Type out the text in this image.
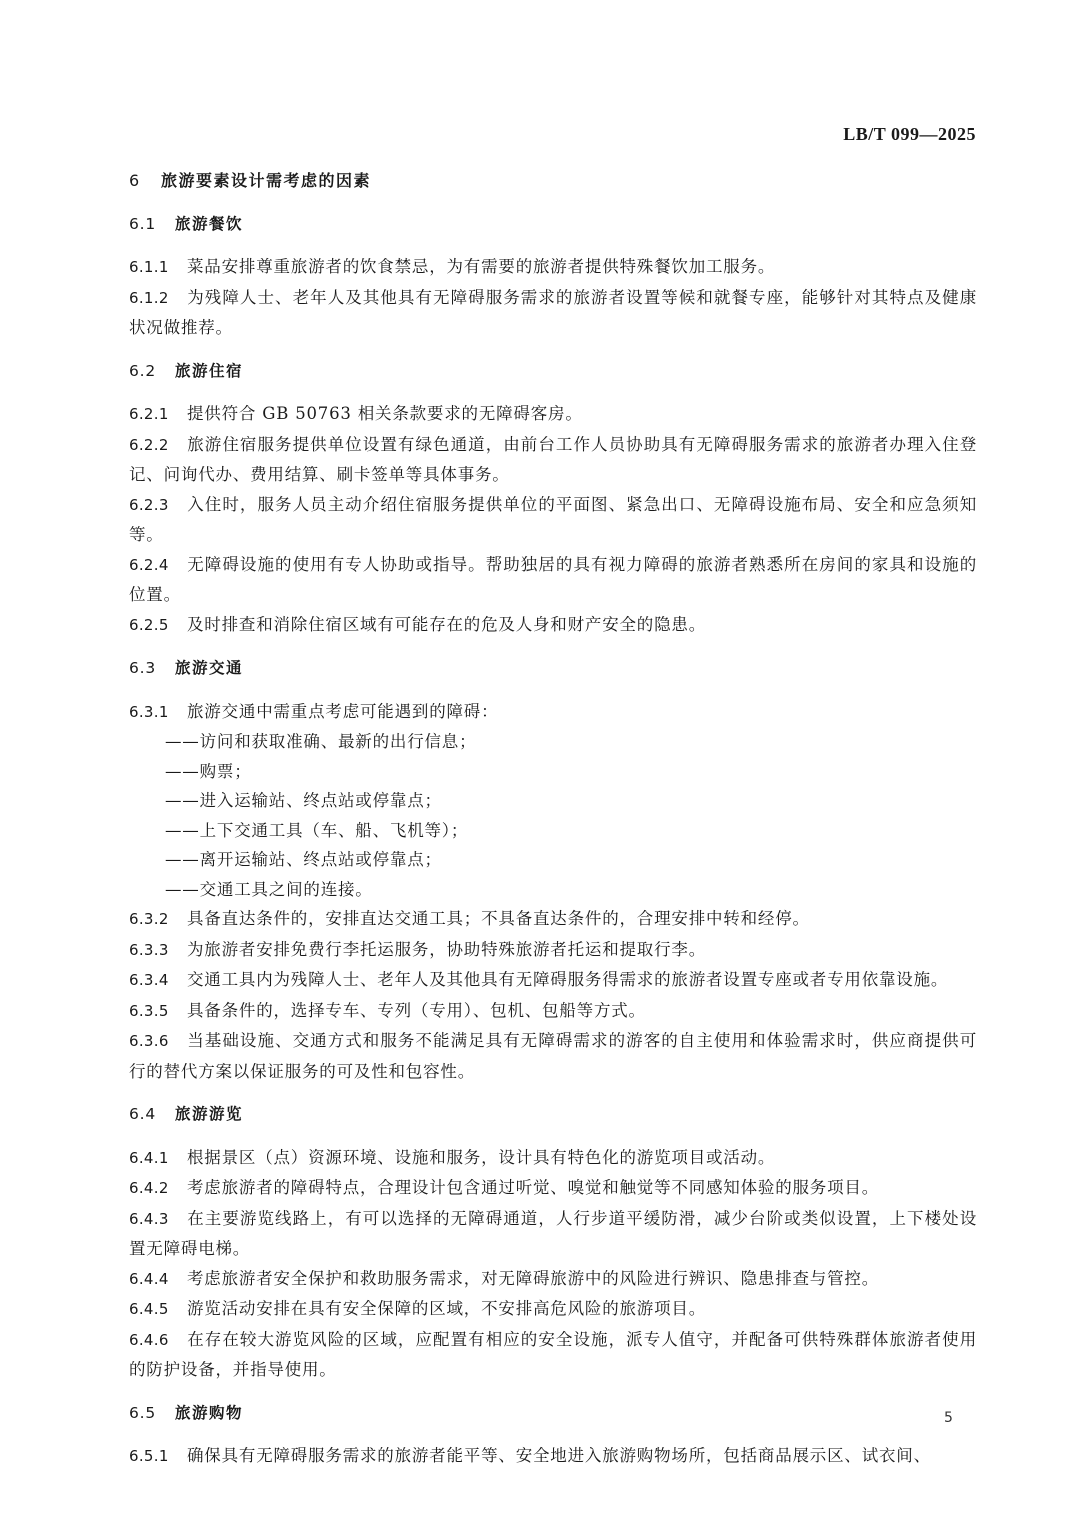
LB/T 099—2025
6 旅游要素设计需考虑的因素
6.1 旅游餐饮
6.1.1 菜品安排尊重旅游者的饮食禁忌，为有需要的旅游者提供特殊餐饮加工服务。
6.1.2 为残障人士、老年人及其他具有无障碍服务需求的旅游者设置等候和就餐专座，能够针对其特点及健康状况做推荐。
6.2 旅游住宿
6.2.1 提供符合 GB 50763 相关条款要求的无障碍客房。
6.2.2 旅游住宿服务提供单位设置有绿色通道，由前台工作人员协助具有无障碍服务需求的旅游者办理入住登记、问询代办、费用结算、刷卡签单等具体事务。
6.2.3 入住时，服务人员主动介绍住宿服务提供单位的平面图、紧急出口、无障碍设施布局、安全和应急须知等。
6.2.4 无障碍设施的使用有专人协助或指导。帮助独居的具有视力障碍的旅游者熟悉所在房间的家具和设施的位置。
6.2.5 及时排查和消除住宿区域有可能存在的危及人身和财产安全的隐患。
6.3 旅游交通
6.3.1 旅游交通中需重点考虑可能遇到的障碍：
——访问和获取准确、最新的出行信息；
——购票；
——进入运输站、终点站或停靠点；
——上下交通工具（车、船、飞机等）；
——离开运输站、终点站或停靠点；
——交通工具之间的连接。
6.3.2 具备直达条件的，安排直达交通工具；不具备直达条件的，合理安排中转和经停。
6.3.3 为旅游者安排免费行李托运服务，协助特殊旅游者托运和提取行李。
6.3.4 交通工具内为残障人士、老年人及其他具有无障碍服务得需求的旅游者设置专座或者专用依靠设施。
6.3.5 具备条件的，选择专车、专列（专用）、包机、包船等方式。
6.3.6 当基础设施、交通方式和服务不能满足具有无障碍需求的游客的自主使用和体验需求时，供应商提供可行的替代方案以保证服务的可及性和包容性。
6.4 旅游游览
6.4.1 根据景区（点）资源环境、设施和服务，设计具有特色化的游览项目或活动。
6.4.2 考虑旅游者的障碍特点，合理设计包含通过听觉、嗅觉和触觉等不同感知体验的服务项目。
6.4.3 在主要游览线路上，有可以选择的无障碍通道，人行步道平缓防滑，减少台阶或类似设置，上下楼处设置无障碍电梯。
6.4.4 考虑旅游者安全保护和救助服务需求，对无障碍旅游中的风险进行辨识、隐患排查与管控。
6.4.5 游览活动安排在具有安全保障的区域，不安排高危风险的旅游项目。
6.4.6 在存在较大游览风险的区域，应配置有相应的安全设施，派专人值守，并配备可供特殊群体旅游者使用的防护设备，并指导使用。
6.5 旅游购物
6.5.1 确保具有无障碍服务需求的旅游者能平等、安全地进入旅游购物场所，包括商品展示区、试衣间、
5
